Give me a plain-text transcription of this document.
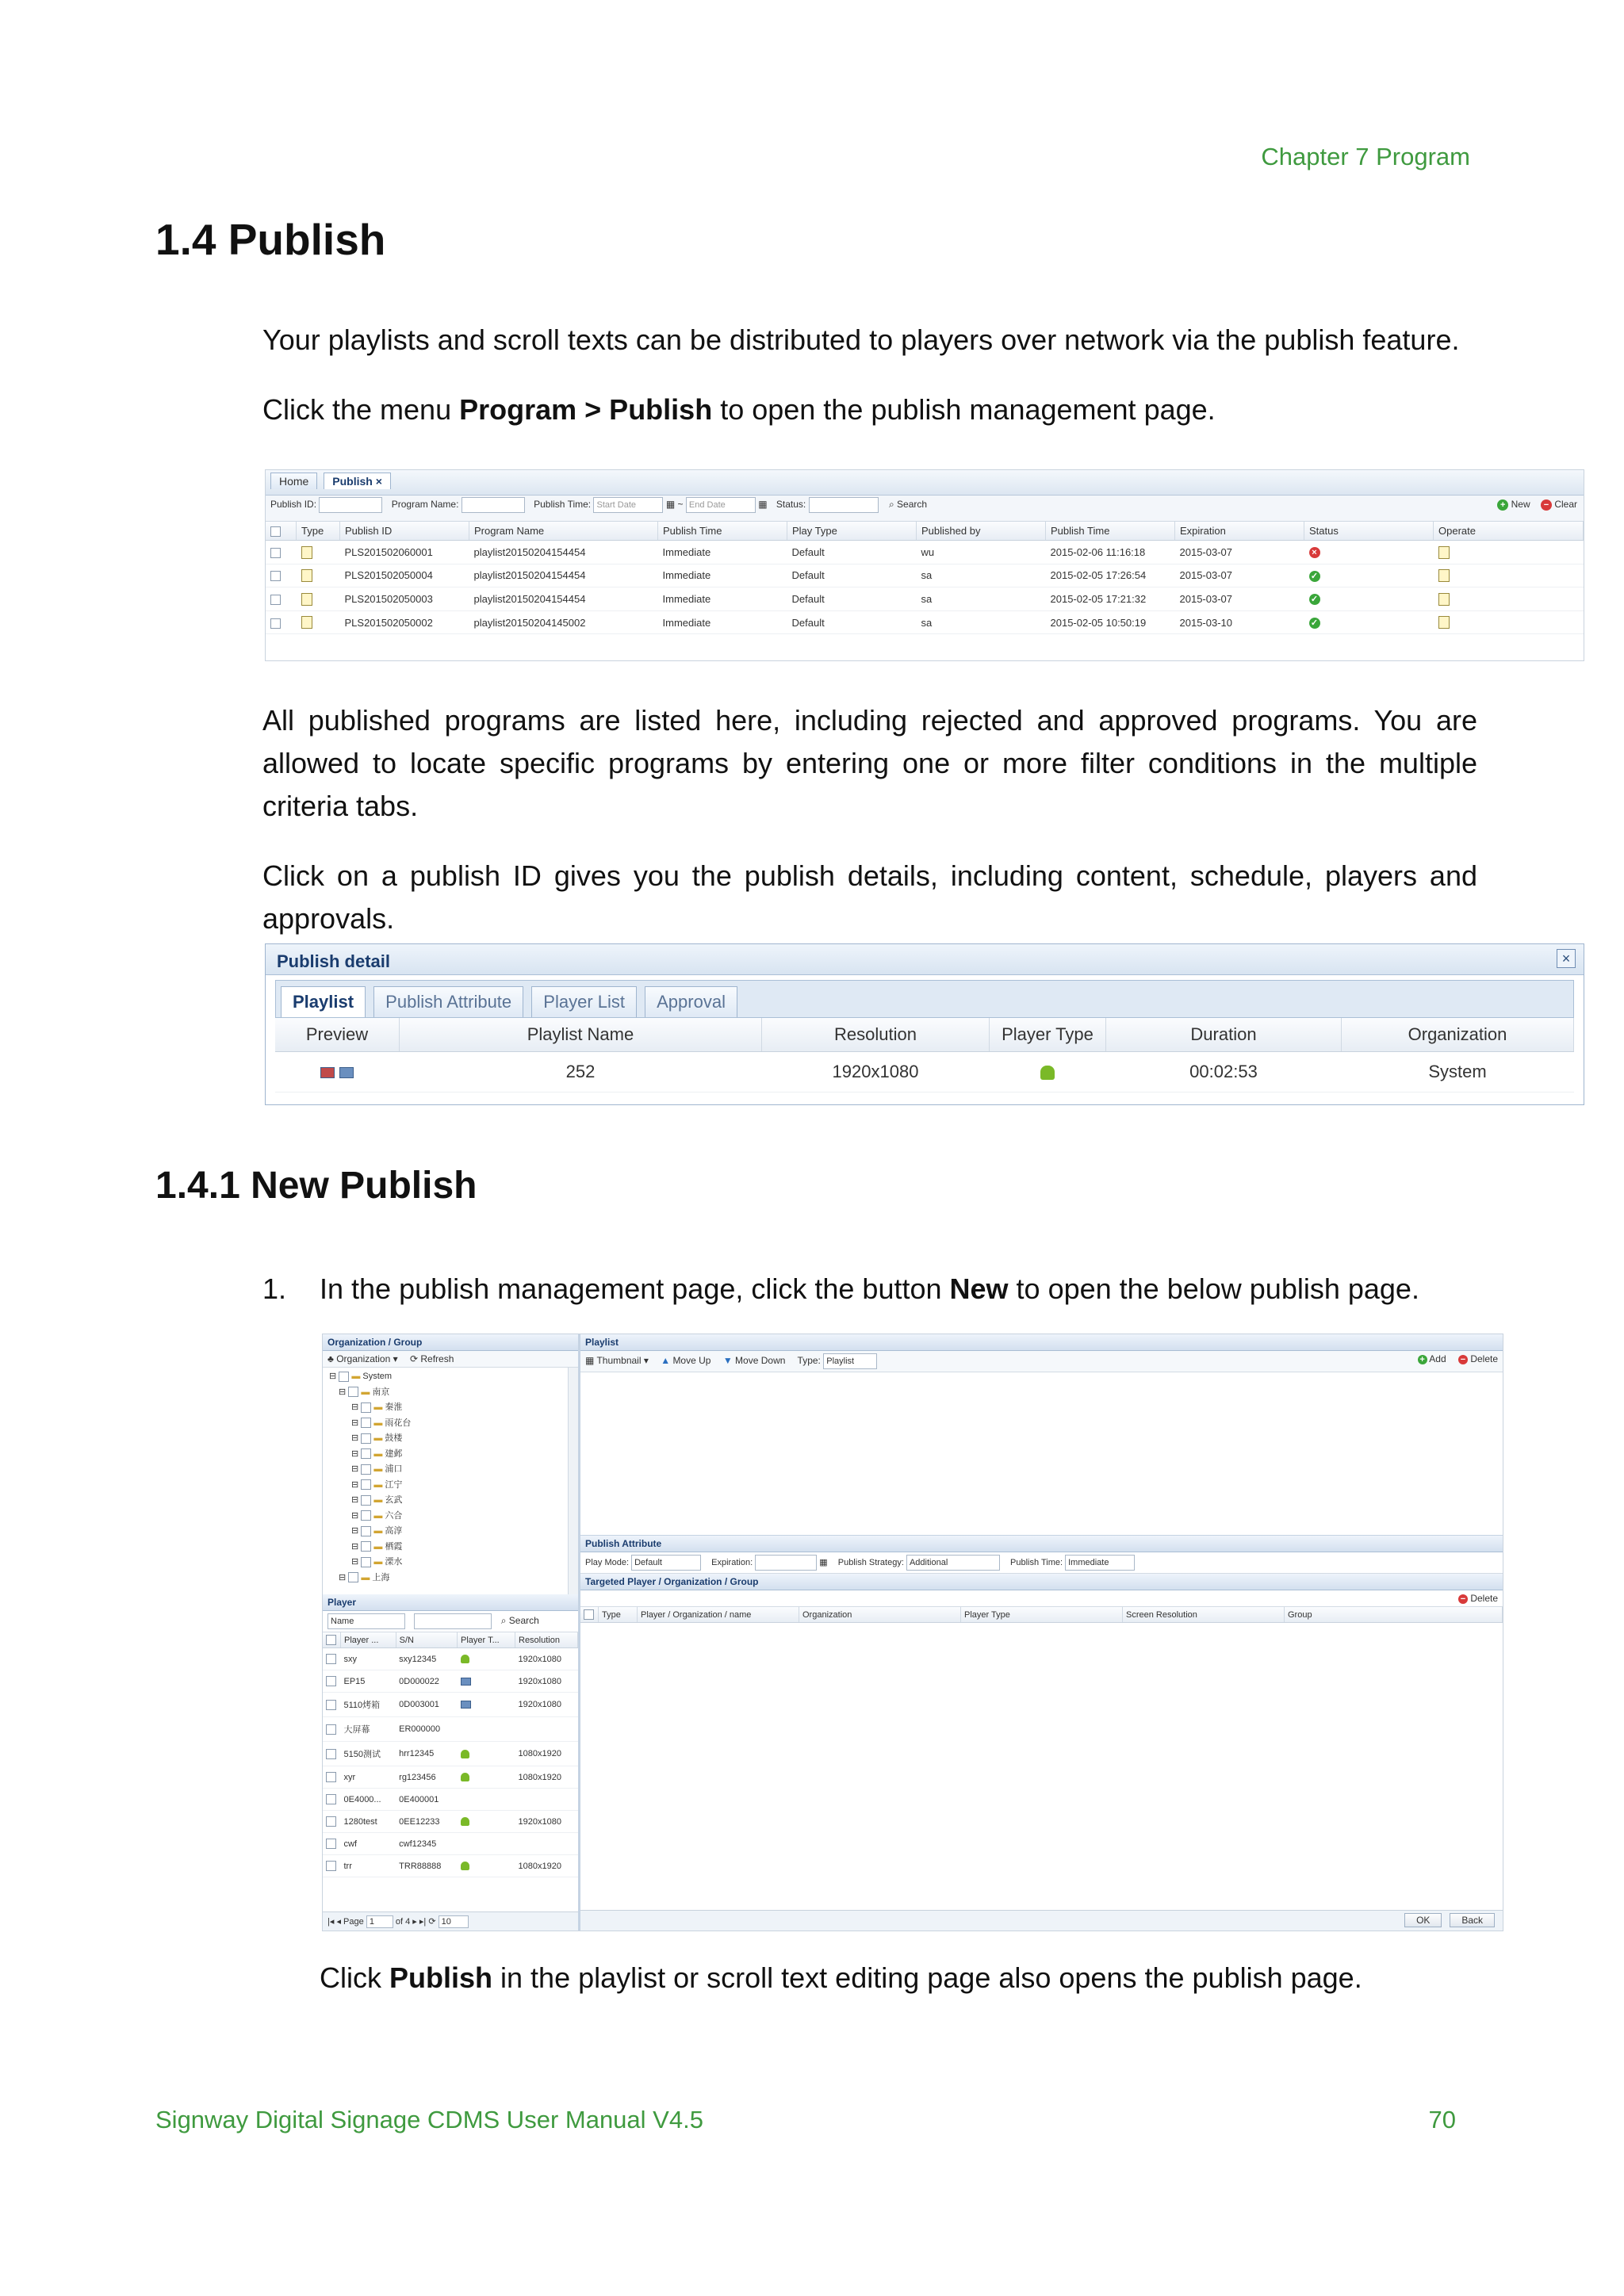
Chapter 7 Program
1.4 Publish
Your playlists and scroll texts can be distributed to players over network via the publish feature.
Click the menu Program > Publish to open the publish management page.
Home Publish ×
Publish ID:	Program Name:	Publish Time: Start Date	▦ ~ End Date	▦ Status:	⌕ Search	+ New − Clear
	Type	Publish ID	Program Name	Publish Time	Play Type	Published by	Publish Time	Expiration	Status	Operate
		PLS201502060001	playlist20150204154454	Immediate	Default	wu	2015-02-06 11:16:18	2015-03-07	×	
		PLS201502050004	playlist20150204154454	Immediate	Default	sa	2015-02-05 17:26:54	2015-03-07	✓	
		PLS201502050003	playlist20150204154454	Immediate	Default	sa	2015-02-05 17:21:32	2015-03-07	✓	
		PLS201502050002	playlist20150204145002	Immediate	Default	sa	2015-02-05 10:50:19	2015-03-10	✓	
All published programs are listed here, including rejected and approved programs. You are allowed to locate specific programs by entering one or more filter conditions in the multiple criteria tabs.
Click on a publish ID gives you the publish details, including content, schedule, players and approvals.
Publish detail	×
Playlist Publish Attribute Player List Approval
Preview	Playlist Name	Resolution	Player Type	Duration	Organization
	252	1920x1080		00:02:53	System
1.4.1 New Publish
1. In the publish management page, click the button New to open the below publish page.
Organization / Group
♣ Organization ▾ ⟳ Refresh
⊟ ▬ System
⊟ ▬ 南京
⊟ ▬ 秦淮
⊟ ▬ 雨花台
⊟ ▬ 鼓楼
⊟ ▬ 建邺
⊟ ▬ 浦口
⊟ ▬ 江宁
⊟ ▬ 玄武
⊟ ▬ 六合
⊟ ▬ 高淳
⊟ ▬ 栖霞
⊟ ▬ 溧水
⊟ ▬ 上海
Player
Name	⌕ Search
	Player ...	S/N	Player T...	Resolution
	sxy	sxy12345		1920x1080
	EP15	0D000022		1920x1080
	5110烤箱	0D003001		1920x1080
	大屏幕	ER000000		
	5150测试	hrr12345		1080x1920
	xyr	rg123456		1080x1920
	0E4000...	0E400001		
	1280test	0EE12233		1920x1080
	cwf	cwf12345		
	trr	TRR88888		1080x1920
|◂ ◂ Page 1 of 4 ▸ ▸| ⟳ 10
Playlist
▦ Thumbnail ▾ ▲ Move Up ▼ Move Down Type: Playlist	+ Add − Delete
Publish Attribute
Play Mode: Default	Expiration:	▦ Publish Strategy: Additional	Publish Time: Immediate
Targeted Player / Organization / Group
− Delete
	Type	Player / Organization / name	Organization	Player Type	Screen Resolution	Group
OK	Back
Click Publish in the playlist or scroll text editing page also opens the publish page.
Signway Digital Signage CDMS User Manual V4.5	70
